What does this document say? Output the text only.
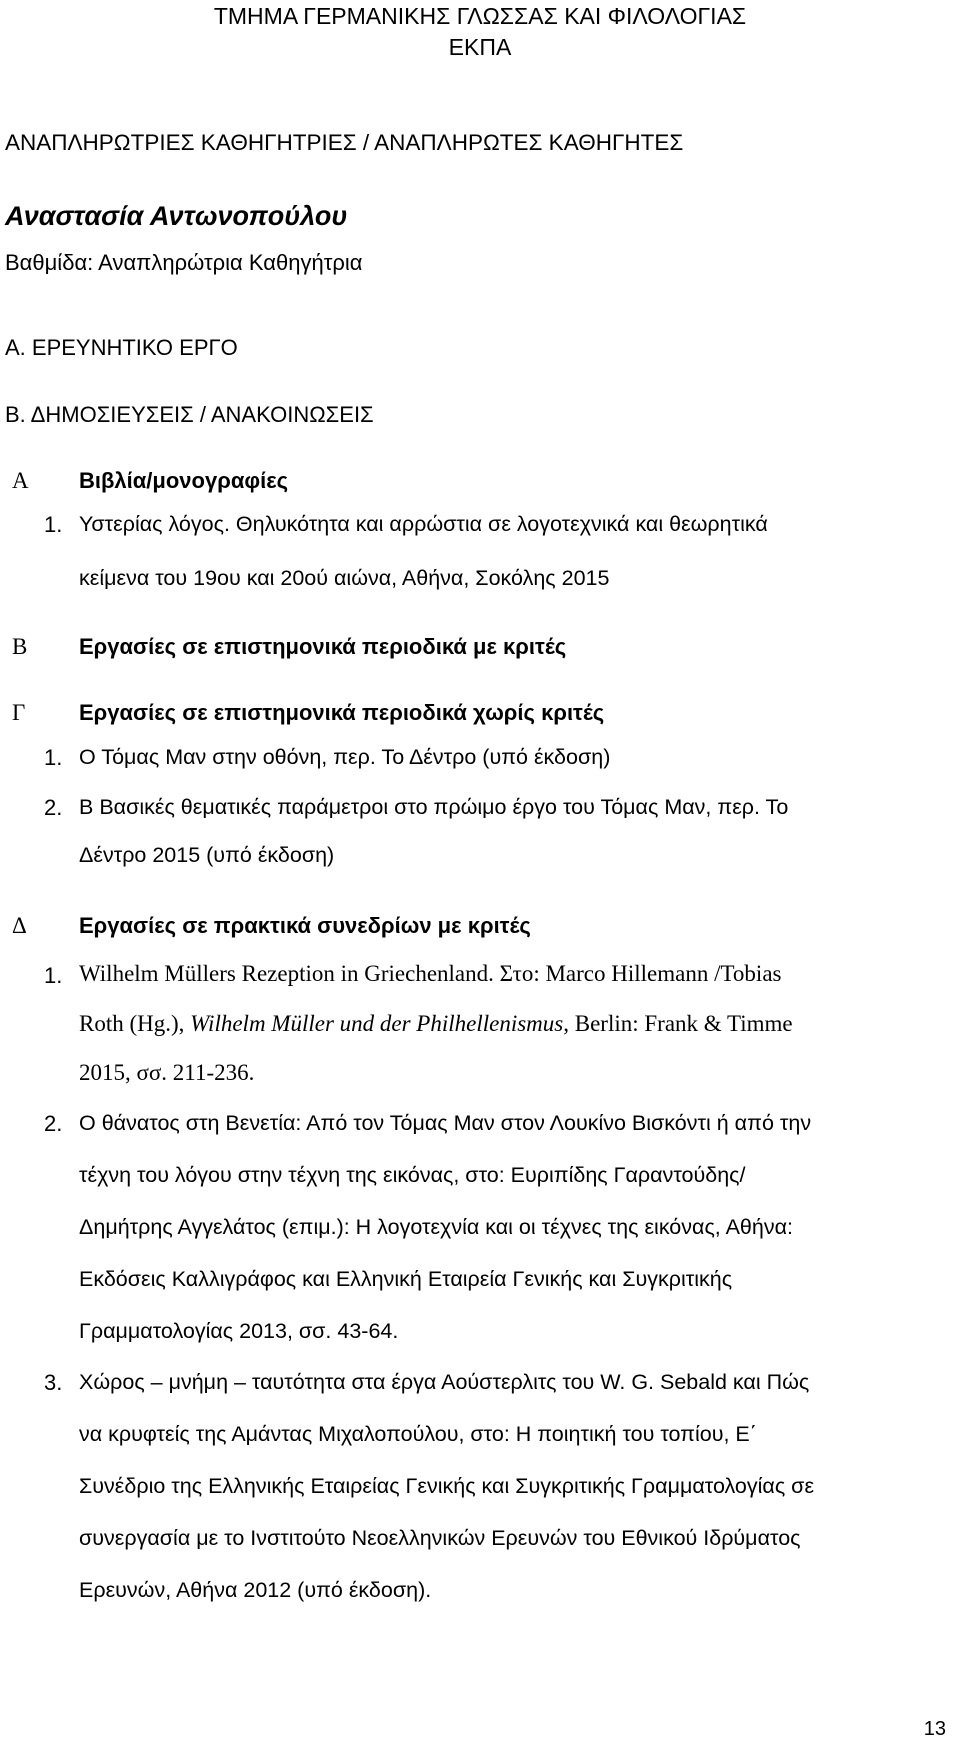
ΤΜΗΜΑ ΓΕΡΜΑΝΙΚΗΣ ΓΛΩΣΣΑΣ ΚΑΙ ΦΙΛΟΛΟΓΙΑΣ
ΕΚΠΑ
ΑΝΑΠΛΗΡΩΤΡΙΕΣ ΚΑΘΗΓΗΤΡΙΕΣ / ΑΝΑΠΛΗΡΩΤΕΣ ΚΑΘΗΓΗΤΕΣ
Αναστασία Αντωνοπούλου
Βαθμίδα: Αναπληρώτρια Καθηγήτρια
Α. ΕΡΕΥΝΗΤΙΚΟ ΕΡΓΟ
Β. ΔΗΜΟΣΙΕΥΣΕΙΣ / ΑΝΑΚΟΙΝΩΣΕΙΣ
Α Βιβλία/μονογραφίες
1. Υστερίας λόγος. Θηλυκότητα και αρρώστια σε λογοτεχνικά και θεωρητικά
κείμενα του 19ου και 20ού αιώνα, Αθήνα, Σοκόλης 2015
Β Εργασίες σε επιστημονικά περιοδικά με κριτές
Γ Εργασίες σε επιστημονικά περιοδικά χωρίς κριτές
1. Ο Τόμας Μαν στην οθόνη, περ. Το Δέντρο (υπό έκδοση)
2. Β Βασικές θεματικές παράμετροι στο πρώιμο έργο του Τόμας Μαν, περ. Το
Δέντρο 2015 (υπό έκδοση)
Δ Εργασίες σε πρακτικά συνεδρίων με κριτές
1. Wilhelm Müllers Rezeption in Griechenland. Στο: Marco Hillemann /Tobias
Roth (Hg.), Wilhelm Müller und der Philhellenismus, Berlin: Frank & Timme
2015, σσ. 211-236.
2. Ο θάνατος στη Βενετία: Από τον Τόμας Μαν στον Λουκίνο Βισκόντι ή από την
τέχνη του λόγου στην τέχνη της εικόνας, στο: Ευριπίδης Γαραντούδης/
Δημήτρης Αγγελάτος (επιμ.): Η λογοτεχνία και οι τέχνες της εικόνας, Αθήνα:
Εκδόσεις Καλλιγράφος και Ελληνική Εταιρεία Γενικής και Συγκριτικής
Γραμματολογίας 2013, σσ. 43-64.
3. Χώρος – μνήμη – ταυτότητα στα έργα Αούστερλιτς του W. G. Sebald και Πώς
να κρυφτείς της Αμάντας Μιχαλοπούλου, στο: Η ποιητική του τοπίου, Ε΄
Συνέδριο της Ελληνικής Εταιρείας Γενικής και Συγκριτικής Γραμματολογίας σε
συνεργασία με το Ινστιτούτο Νεοελληνικών Ερευνών του Εθνικού Ιδρύματος
Ερευνών, Αθήνα 2012 (υπό έκδοση).
13
